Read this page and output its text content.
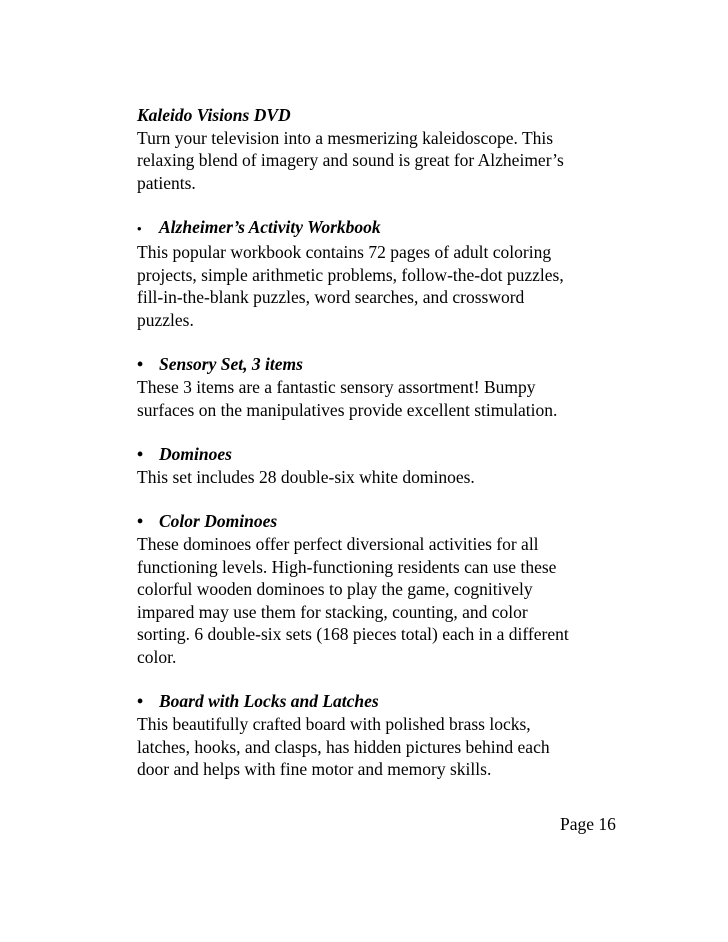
Kaleido Visions DVD
Turn your television into a mesmerizing kaleidoscope. This
relaxing blend of imagery and sound is great for Alzheimer’s
patients.
• Alzheimer’s Activity Workbook
This popular workbook contains 72 pages of adult coloring
projects, simple arithmetic problems, follow-the-dot puzzles,
fill-in-the-blank puzzles, word searches, and crossword
puzzles.
• Sensory Set, 3 items
These 3 items are a fantastic sensory assortment! Bumpy
surfaces on the manipulatives provide excellent stimulation.
• Dominoes
This set includes 28 double-six white dominoes.
• Color Dominoes
These dominoes offer perfect diversional activities for all
functioning levels. High-functioning residents can use these
colorful wooden dominoes to play the game, cognitively
impared may use them for stacking, counting, and color
sorting. 6 double-six sets (168 pieces total) each in a different
color.
• Board with Locks and Latches
This beautifully crafted board with polished brass locks,
latches, hooks, and clasps, has hidden pictures behind each
door and helps with fine motor and memory skills.
Page 16
